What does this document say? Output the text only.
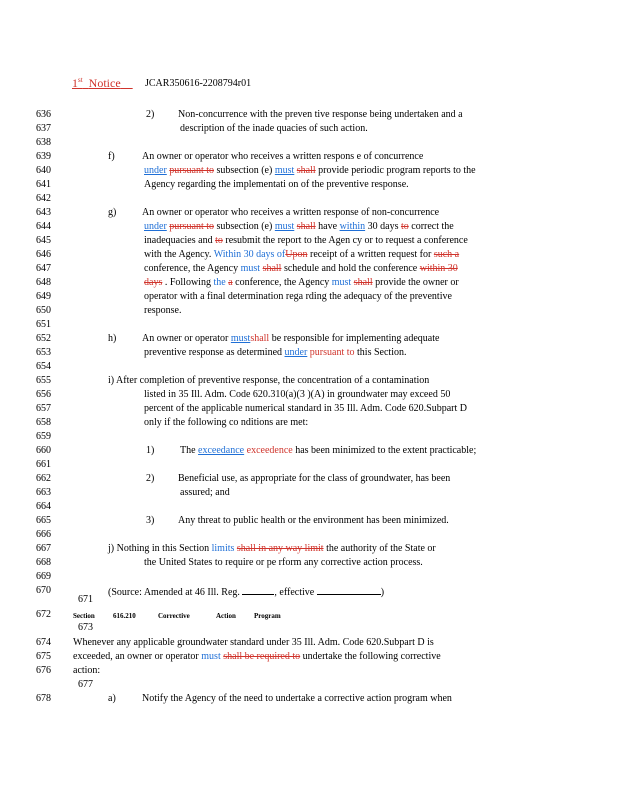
1st Notice	JCAR350616-2208794r01
636
637
638
639
640
641
642
643
644
645
646
647
648
649
650
651
652
653
654
655
656
657
658
659
660
661
662
663
664
665
666
667
668
669
670
671
672
673
674
675
676
677
678
2) Non-concurrence with the preven tive response being undertaken and a
description of the inade quacies of such action.
f)	An owner or operator who receives a written respons e of concurrence
under pursuant to subsection (e) must shall provide periodic program reports to the
Agency regarding the implementati on of the preventive response.
g)	An owner or operator who receives a written response of non-concurrence
under pursuant to subsection (e) must shall have within 30 days to correct the
inadequacies and to resubmit the report to the Agen cy or to request a conference
with the Agency. Within 30 days ofUpon receipt of a written request for such a
conference, the Agency must shall schedule and hold the conference within 30
days . Following the a conference, the Agency must shall provide the owner or
operator with a final determination rega rding the adequacy of the preventive
response.
h)	An owner or operator mustshall be responsible for implementing adequate
preventive response as determined under pursuant to this Section.
i) After completion of preventive response, the concentration of a contamination
listed in 35 Ill. Adm. Code 620.310(a)(3 )(A) in groundwater may exceed 50
percent of the applicable numerical standard in 35 Ill. Adm. Code 620.Subpart D
only if the following co nditions are met:
1)	The exceedance exceedence has been minimized to the extent practicable;
2) Beneficial use, as appropriate for the class of groundwater, has been
assured; and
3) Any threat to public health or the environment has been minimized.
j) Nothing in this Section limits shall in any way limit the authority of the State or
the United States to require or pe rform any corrective action process.
(Source: Amended at 46 Ill. Reg.	, effective	)
Section	616.210	Corrective	Action	Program
Whenever any applicable groundwater standard under 35 Ill. Adm. Code 620.Subpart D is
exceeded, an owner or operator must shall be required to undertake the following corrective
action:
a)	Notify the Agency of the need to undertake a corrective action program when
